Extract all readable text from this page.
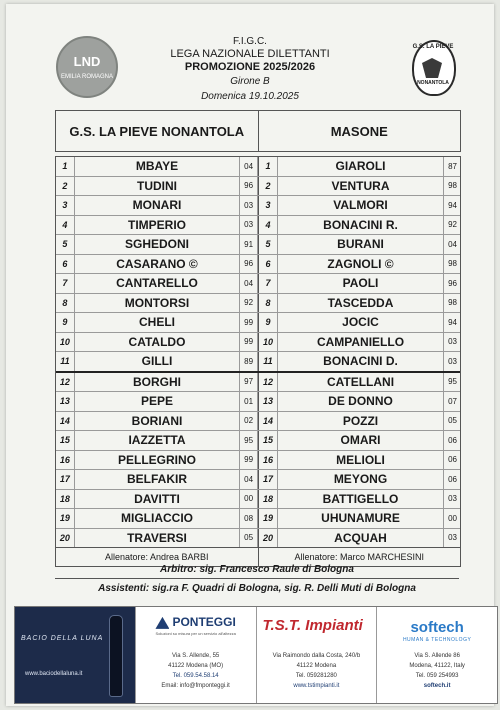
LND
EMILIA ROMAGNA
G.S. LA PIEVE
NONANTOLA
F.I.G.C.
LEGA NAZIONALE DILETTANTI
PROMOZIONE 2025/2026
Girone B
Domenica 19.10.2025
G.S. LA PIEVE NONANTOLA	MASONE
1	MBAYE	04	1	GIAROLI	87
2	TUDINI	96	2	VENTURA	98
3	MONARI	03	3	VALMORI	94
4	TIMPERIO	03	4	BONACINI R.	92
5	SGHEDONI	91	5	BURANI	04
6	CASARANO ©	96	6	ZAGNOLI ©	98
7	CANTARELLO	04	7	PAOLI	96
8	MONTORSI	92	8	TASCEDDA	98
9	CHELI	99	9	JOCIC	94
10	CATALDO	99	10	CAMPANIELLO	03
11	GILLI	89	11	BONACINI D.	03
12	BORGHI	97	12	CATELLANI	95
13	PEPE	01	13	DE DONNO	07
14	BORIANI	02	14	POZZI	05
15	IAZZETTA	95	15	OMARI	06
16	PELLEGRINO	99	16	MELIOLI	06
17	BELFAKIR	04	17	MEYONG	06
18	DAVITTI	00	18	BATTIGELLO	03
19	MIGLIACCIO	08	19	UHUNAMURE	00
20	TRAVERSI	05	20	ACQUAH	03
Allenatore: Andrea BARBI	Allenatore: Marco MARCHESINI
Arbitro: sig. Francesco Raule di Bologna
Assistenti: sig.ra F. Quadri di Bologna, sig. R. Delli Muti di Bologna
BACIO DELLA LUNA
www.baciodellaluna.it
PONTEGGI
Soluzioni su misura per un servizio all'altezza
Via S. Allende, 55
41122 Modena (MO)
Tel. 059.54.58.14
Email: info@fmponteggi.it
T.S.T. Impianti
Via Raimondo dalla Costa, 240/b
41122 Modena
Tel. 059281280
www.tstimpianti.it
softech
HUMAN & TECHNOLOGY
Via S. Allende 86
Modena, 41122, Italy
Tel. 059 254993
softech.it
